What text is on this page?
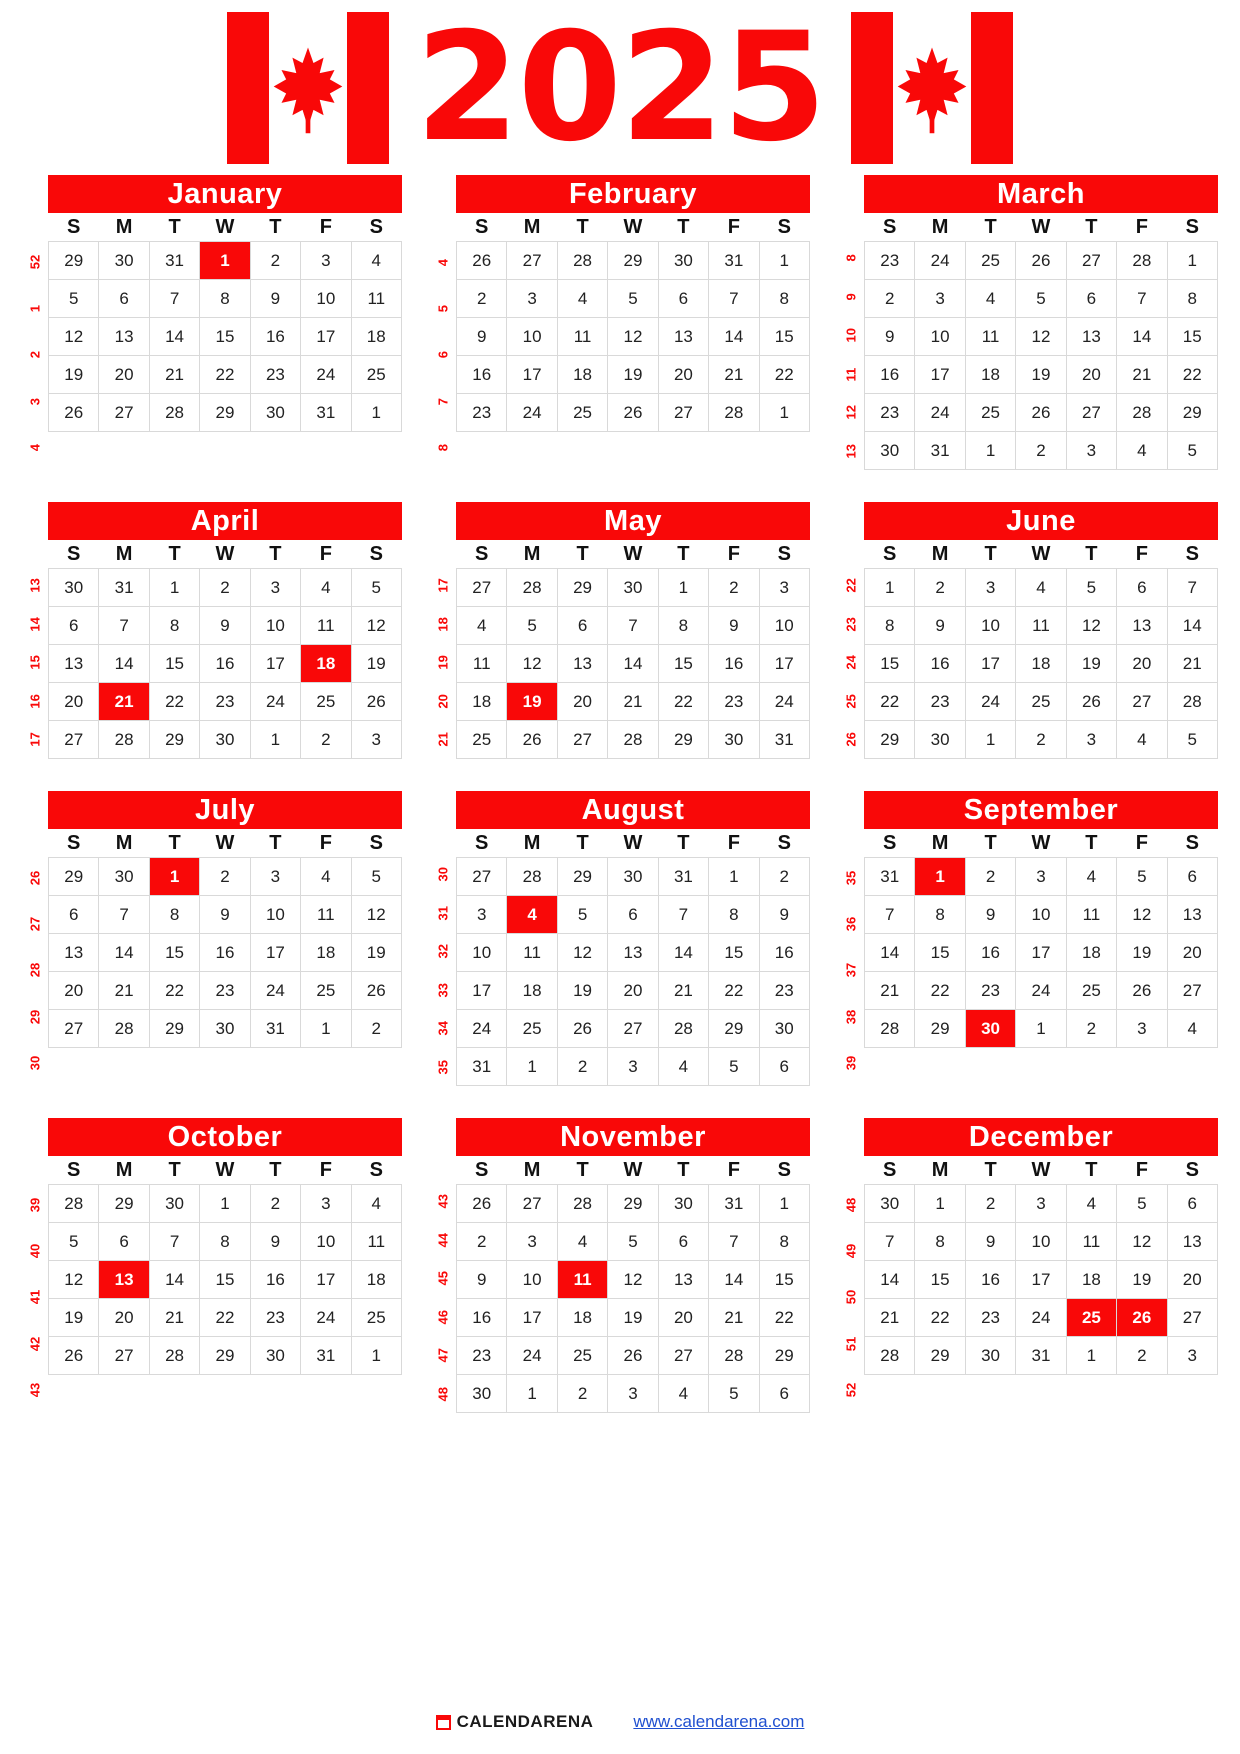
2025
52
1
2
3
4
January
S	M	T	W	T	F	S
29	30	31	1	2	3	4
5	6	7	8	9	10	11
12	13	14	15	16	17	18
19	20	21	22	23	24	25
26	27	28	29	30	31	1
4
5
6
7
8
February
S	M	T	W	T	F	S
26	27	28	29	30	31	1
2	3	4	5	6	7	8
9	10	11	12	13	14	15
16	17	18	19	20	21	22
23	24	25	26	27	28	1
8
9
10
11
12
13
March
S	M	T	W	T	F	S
23	24	25	26	27	28	1
2	3	4	5	6	7	8
9	10	11	12	13	14	15
16	17	18	19	20	21	22
23	24	25	26	27	28	29
30	31	1	2	3	4	5
13
14
15
16
17
April
S	M	T	W	T	F	S
30	31	1	2	3	4	5
6	7	8	9	10	11	12
13	14	15	16	17	18	19
20	21	22	23	24	25	26
27	28	29	30	1	2	3
17
18
19
20
21
May
S	M	T	W	T	F	S
27	28	29	30	1	2	3
4	5	6	7	8	9	10
11	12	13	14	15	16	17
18	19	20	21	22	23	24
25	26	27	28	29	30	31
22
23
24
25
26
June
S	M	T	W	T	F	S
1	2	3	4	5	6	7
8	9	10	11	12	13	14
15	16	17	18	19	20	21
22	23	24	25	26	27	28
29	30	1	2	3	4	5
26
27
28
29
30
July
S	M	T	W	T	F	S
29	30	1	2	3	4	5
6	7	8	9	10	11	12
13	14	15	16	17	18	19
20	21	22	23	24	25	26
27	28	29	30	31	1	2
30
31
32
33
34
35
August
S	M	T	W	T	F	S
27	28	29	30	31	1	2
3	4	5	6	7	8	9
10	11	12	13	14	15	16
17	18	19	20	21	22	23
24	25	26	27	28	29	30
31	1	2	3	4	5	6
35
36
37
38
39
September
S	M	T	W	T	F	S
31	1	2	3	4	5	6
7	8	9	10	11	12	13
14	15	16	17	18	19	20
21	22	23	24	25	26	27
28	29	30	1	2	3	4
39
40
41
42
43
October
S	M	T	W	T	F	S
28	29	30	1	2	3	4
5	6	7	8	9	10	11
12	13	14	15	16	17	18
19	20	21	22	23	24	25
26	27	28	29	30	31	1
43
44
45
46
47
48
November
S	M	T	W	T	F	S
26	27	28	29	30	31	1
2	3	4	5	6	7	8
9	10	11	12	13	14	15
16	17	18	19	20	21	22
23	24	25	26	27	28	29
30	1	2	3	4	5	6
48
49
50
51
52
December
S	M	T	W	T	F	S
30	1	2	3	4	5	6
7	8	9	10	11	12	13
14	15	16	17	18	19	20
21	22	23	24	25	26	27
28	29	30	31	1	2	3
CALENDARENA www.calendarena.com
